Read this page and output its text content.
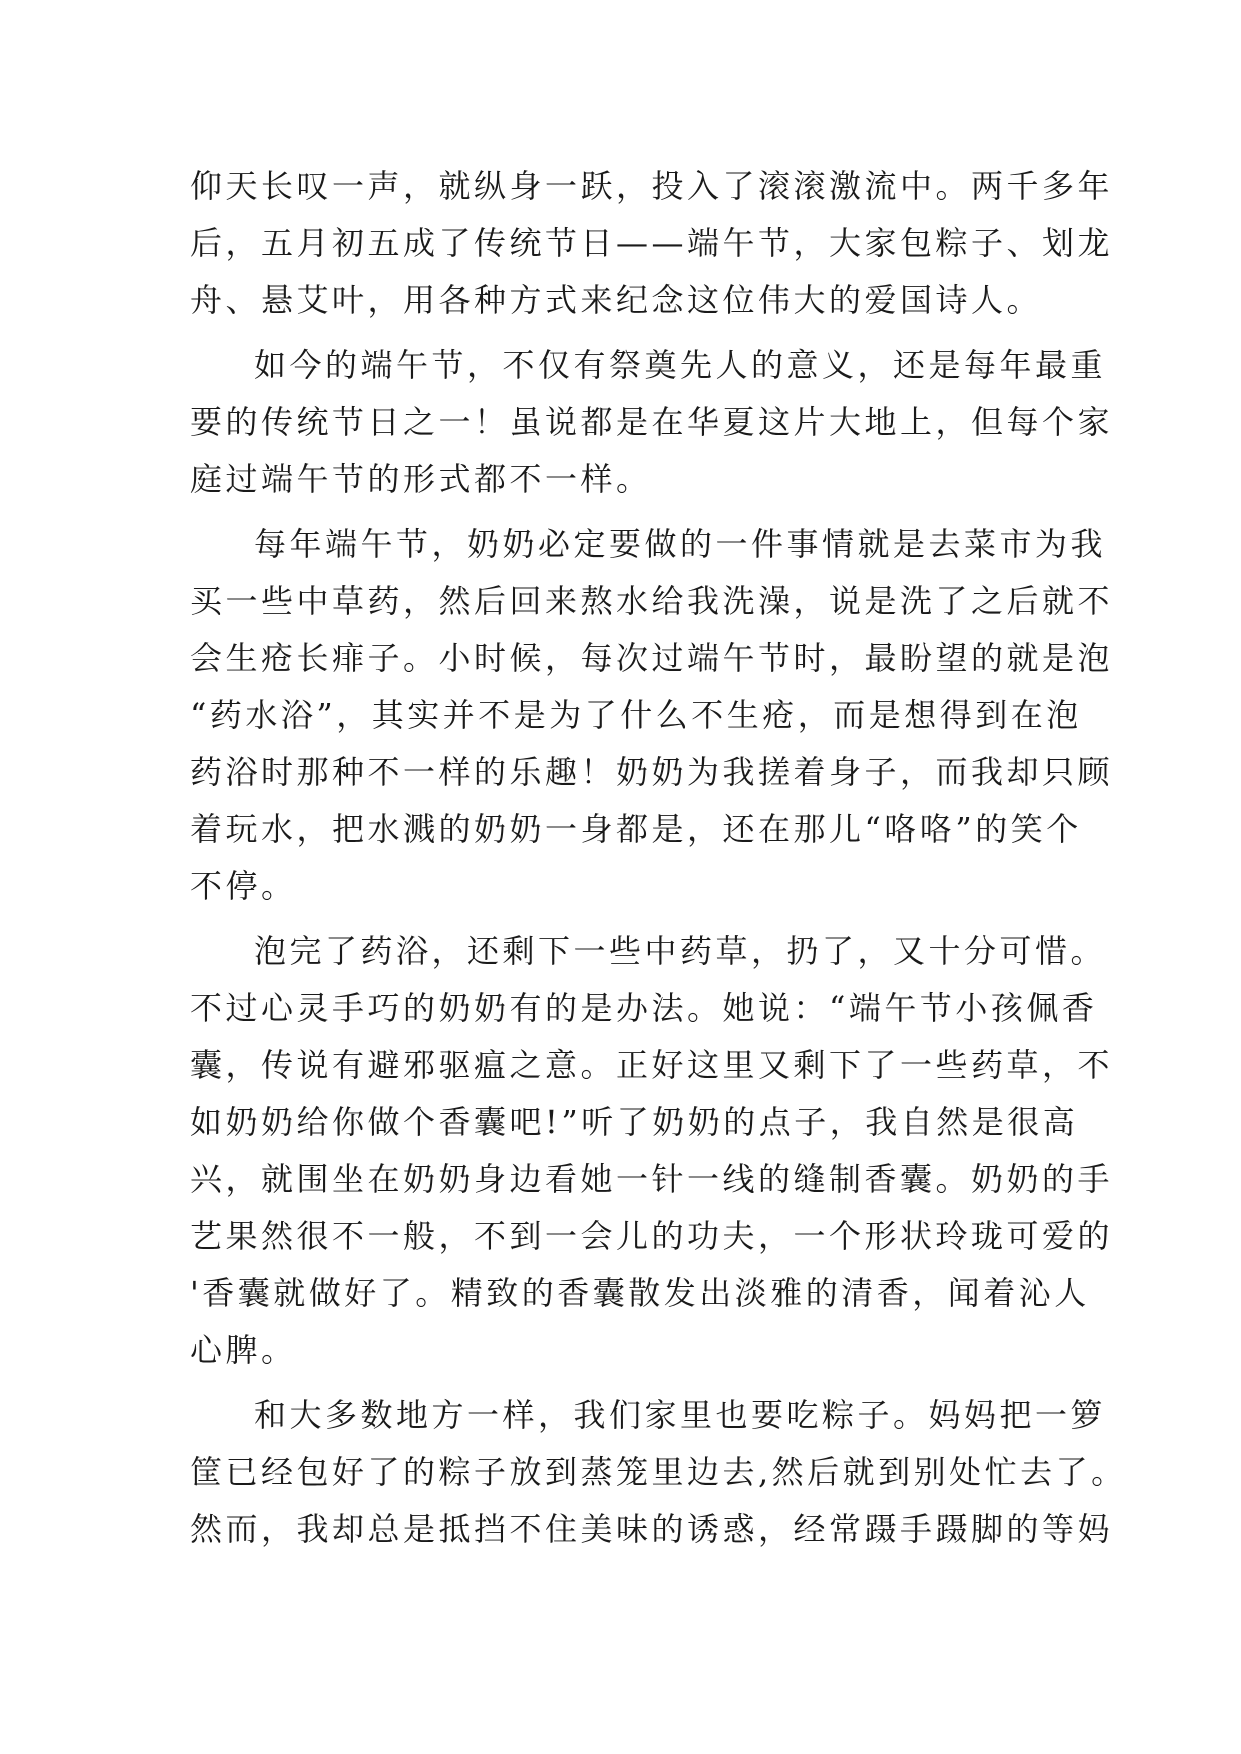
仰天长叹一声，就纵身一跃，投入了滚滚激流中。两千多年
后，五月初五成了传统节日——端午节，大家包粽子、划龙
舟、悬艾叶，用各种方式来纪念这位伟大的爱国诗人。
如今的端午节，不仅有祭奠先人的意义，还是每年最重
要的传统节日之一！虽说都是在华夏这片大地上，但每个家
庭过端午节的形式都不一样。
每年端午节，奶奶必定要做的一件事情就是去菜市为我
买一些中草药，然后回来熬水给我洗澡，说是洗了之后就不
会生疮长痱子。小时候，每次过端午节时，最盼望的就是泡
“药水浴”，其实并不是为了什么不生疮，而是想得到在泡
药浴时那种不一样的乐趣！奶奶为我搓着身子，而我却只顾
着玩水，把水溅的奶奶一身都是，还在那儿“咯咯”的笑个
不停。
泡完了药浴，还剩下一些中药草，扔了，又十分可惜。
不过心灵手巧的奶奶有的是办法。她说：“端午节小孩佩香
囊，传说有避邪驱瘟之意。正好这里又剩下了一些药草，不
如奶奶给你做个香囊吧!”听了奶奶的点子，我自然是很高
兴，就围坐在奶奶身边看她一针一线的缝制香囊。奶奶的手
艺果然很不一般，不到一会儿的功夫，一个形状玲珑可爱的
'香囊就做好了。精致的香囊散发出淡雅的清香，闻着沁人
心脾。
和大多数地方一样，我们家里也要吃粽子。妈妈把一箩
筐已经包好了的粽子放到蒸笼里边去,然后就到别处忙去了。
然而，我却总是抵挡不住美味的诱惑，经常蹑手蹑脚的等妈
